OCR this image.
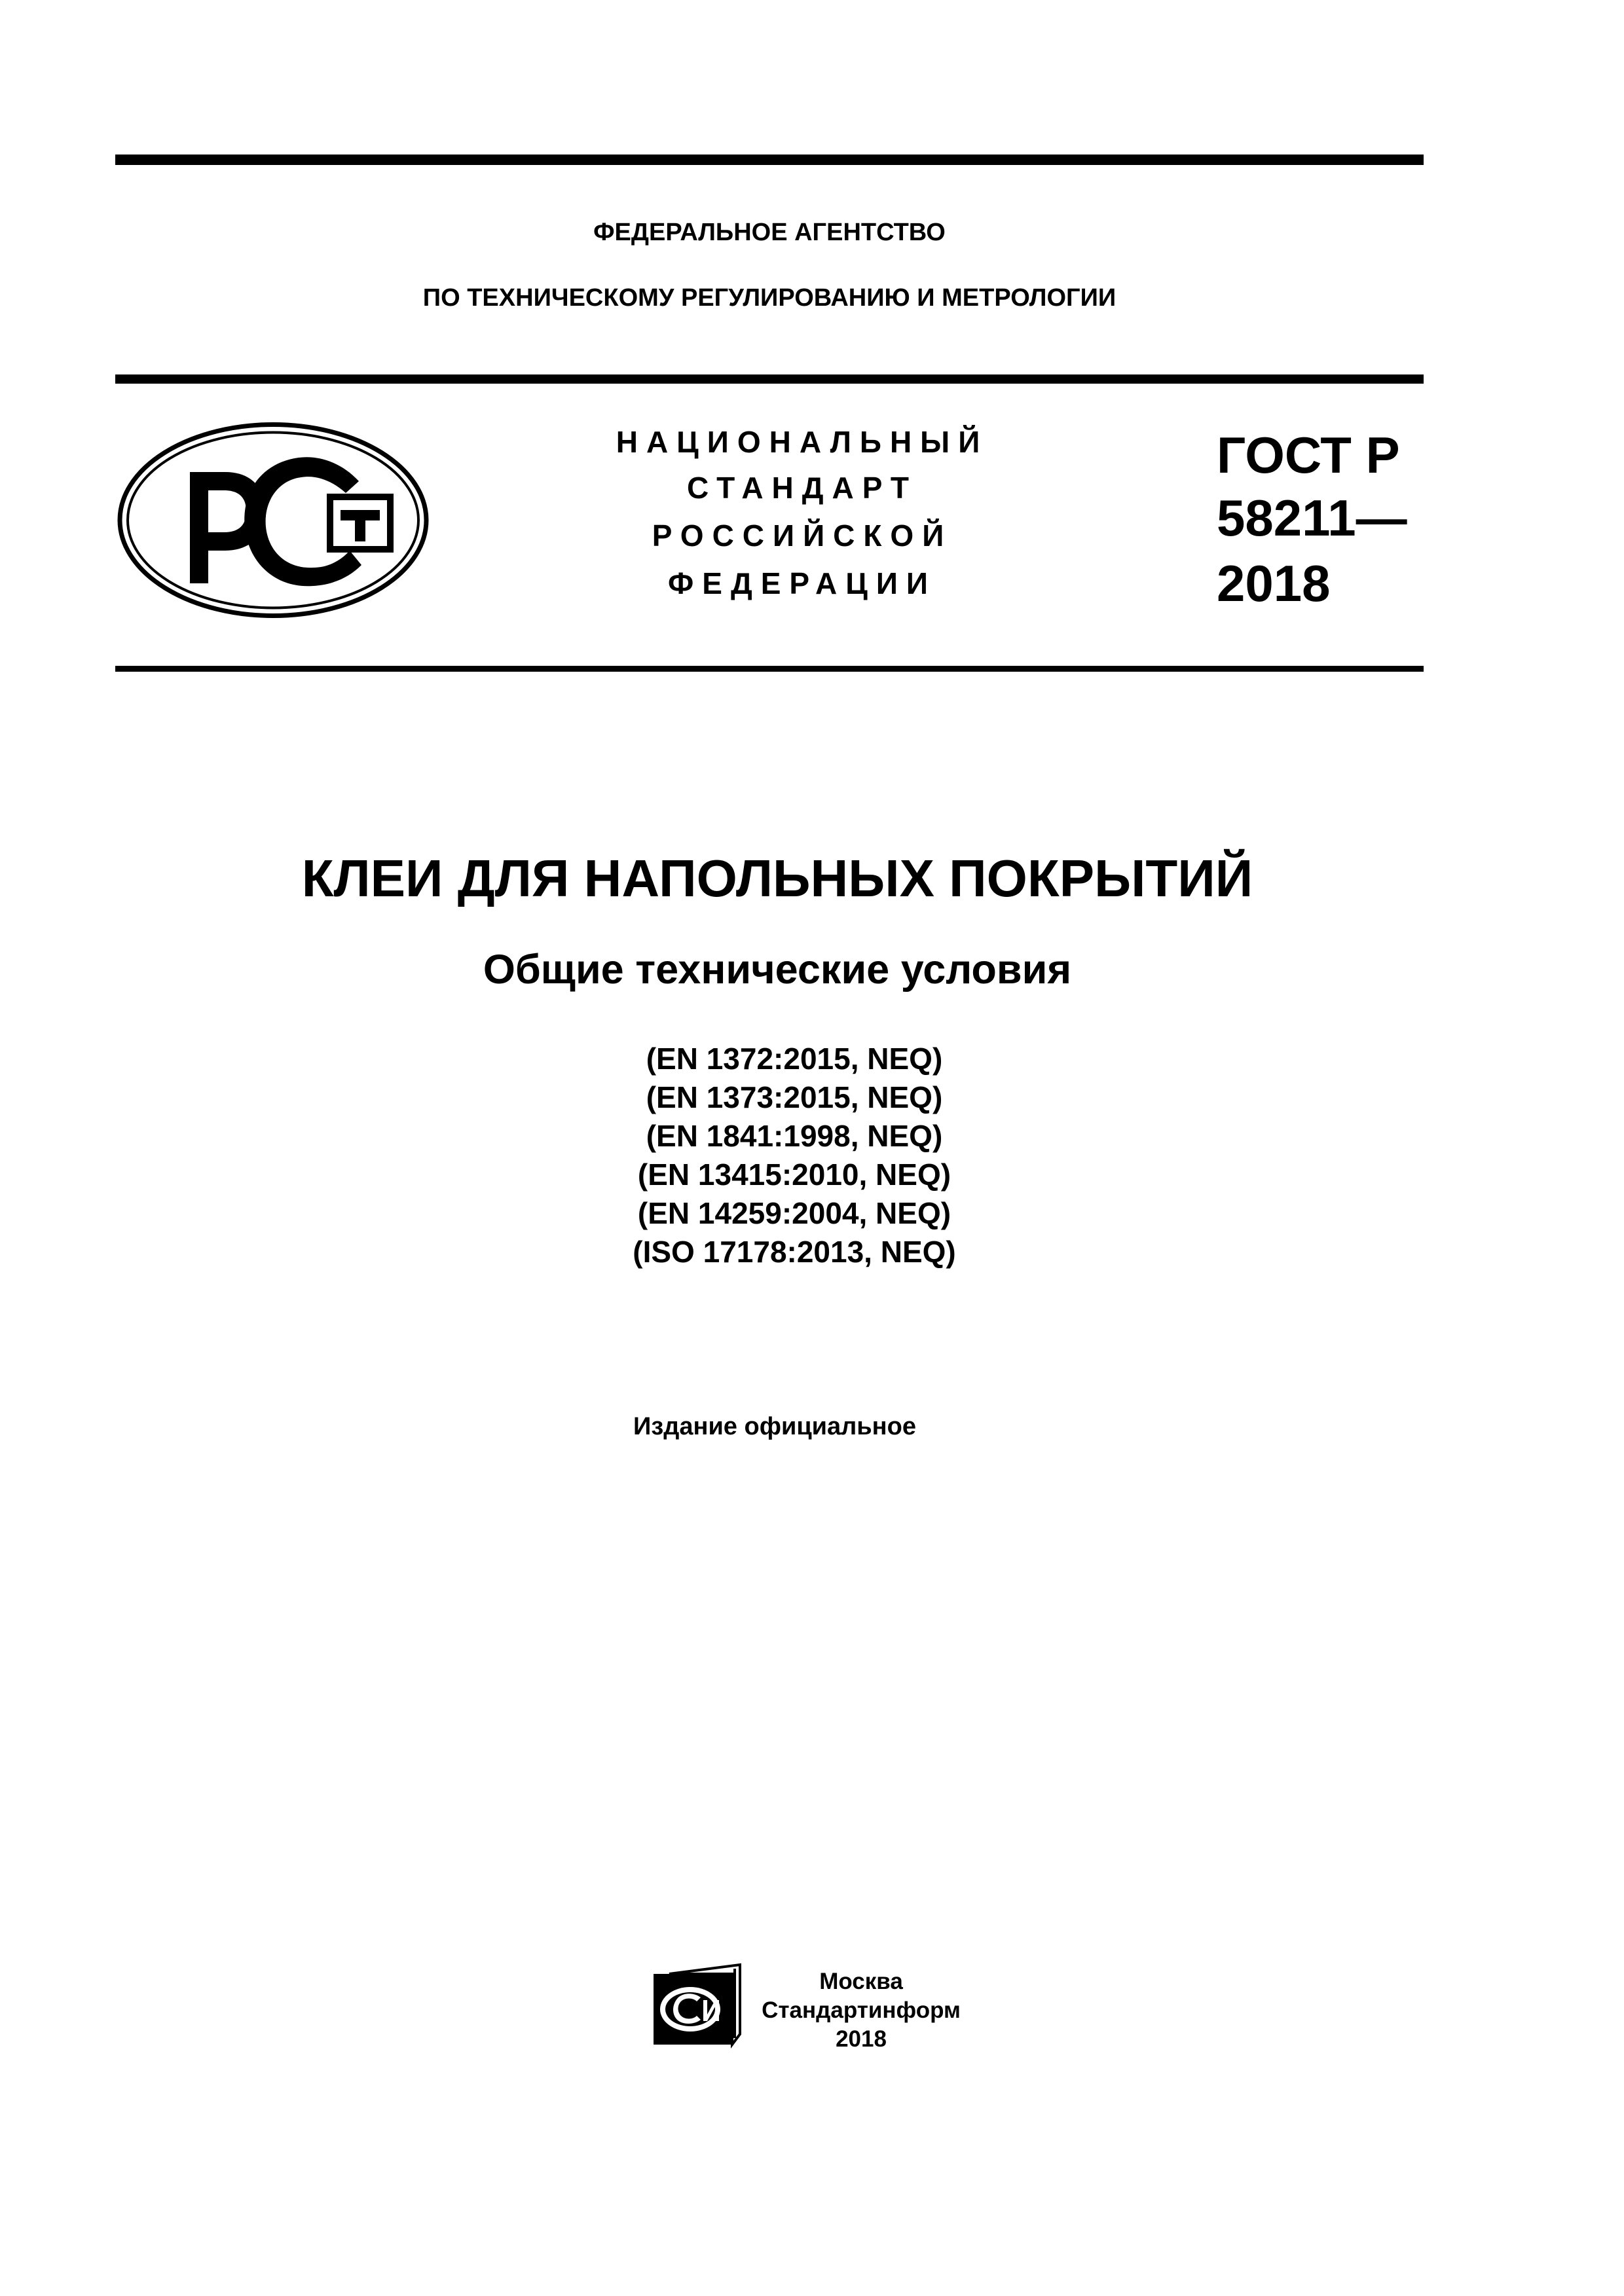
ФЕДЕРАЛЬНОЕ АГЕНТСТВО
ПО ТЕХНИЧЕСКОМУ РЕГУЛИРОВАНИЮ И МЕТРОЛОГИИ
НАЦИОНАЛЬНЫЙ
СТАНДАРТ
РОССИЙСКОЙ
ФЕДЕРАЦИИ
ГОСТ Р
58211—
2018
КЛЕИ ДЛЯ НАПОЛЬНЫХ ПОКРЫТИЙ
Общие технические условия
(EN 1372:2015, NEQ)
(EN 1373:2015, NEQ)
(EN 1841:1998, NEQ)
(EN 13415:2010, NEQ)
(EN 14259:2004, NEQ)
(ISO 17178:2013, NEQ)
Издание официальное
Москва
Стандартинформ
2018
